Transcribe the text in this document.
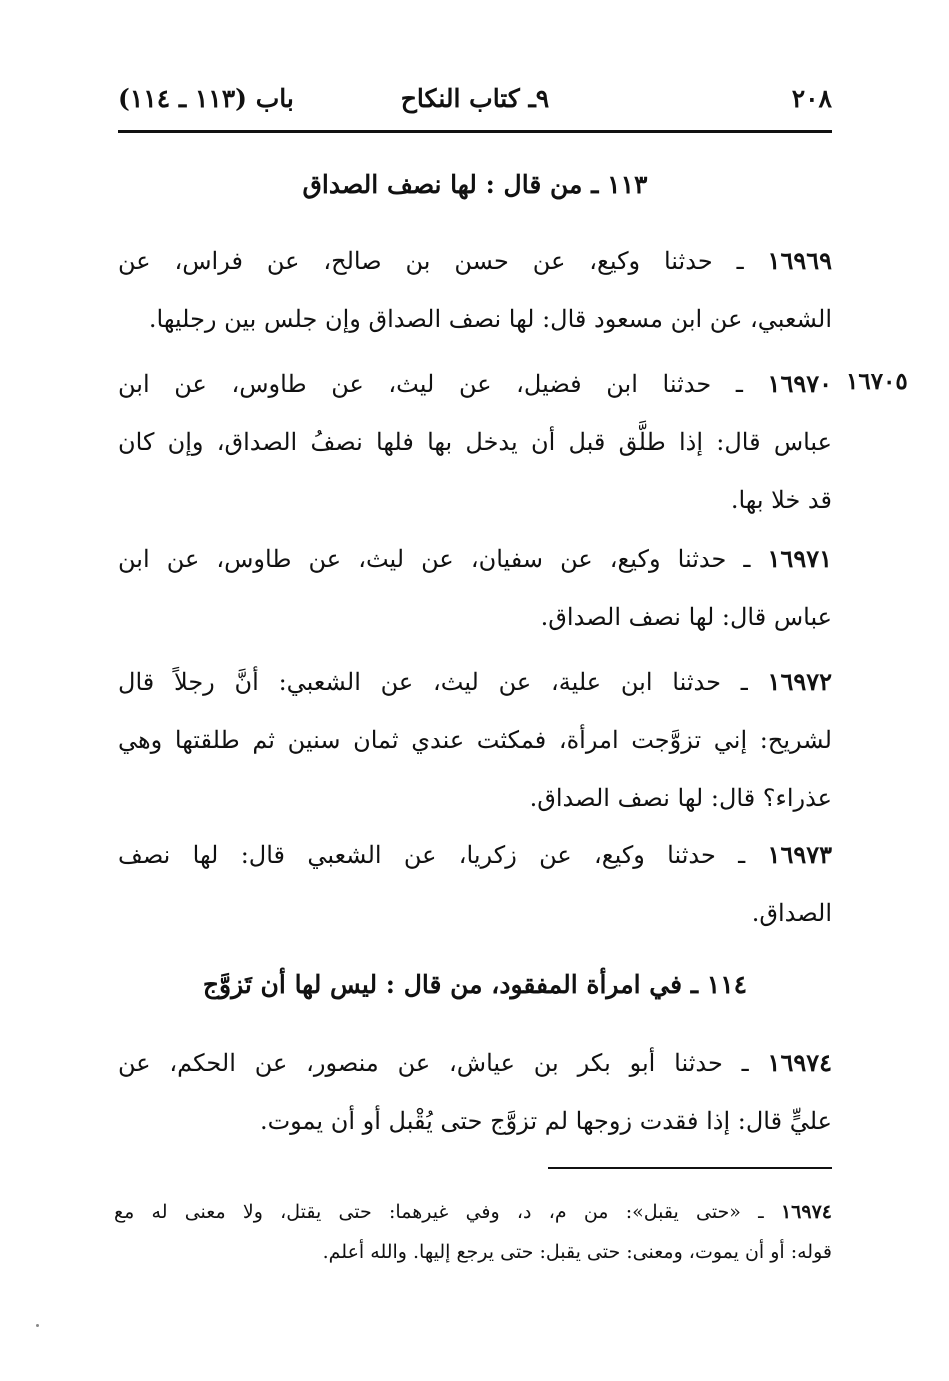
٢٠٨
٩ـ كتاب النكاح
باب (١١٣ ـ ١١٤)
١١٣ ـ من قال : لها نصف الصداق
١٦٩٦٩ ـ حدثنا وكيع، عن حسن بن صالح، عن فراس، عن
الشعبي، عن ابن مسعود قال: لها نصف الصداق وإن جلس بين رجليها.
١٦٧٠٥
١٦٩٧٠ ـ حدثنا ابن فضيل، عن ليث، عن طاوس، عن ابن
عباس قال: إذا طلَّق قبل أن يدخل بها فلها نصفُ الصداق، وإن كان
قد خلا بها.
١٦٩٧١ ـ حدثنا وكيع، عن سفيان، عن ليث، عن طاوس، عن ابن
عباس قال: لها نصف الصداق.
١٦٩٧٢ ـ حدثنا ابن علية، عن ليث، عن الشعبي: أنَّ رجلاً قال
لشريح: إني تزوَّجت امرأة، فمكثت عندي ثمان سنين ثم طلقتها وهي
عذراء؟ قال: لها نصف الصداق.
١٦٩٧٣ ـ حدثنا وكيع، عن زكريا، عن الشعبي قال: لها نصف
الصداق.
١١٤ ـ في امرأة المفقود، من قال : ليس لها أن تَزوَّج
١٦٩٧٤ ـ حدثنا أبو بكر بن عياش، عن منصور، عن الحكم، عن
عليٍّ قال: إذا فقدت زوجها لم تزوَّج حتى يُقْبل أو أن يموت.
١٦٩٧٤ ـ «حتى يقبل»: من م، د، وفي غيرهما: حتى يقتل، ولا معنى له مع
قوله: أو أن يموت، ومعنى: حتى يقبل: حتى يرجع إليها. والله أعلم.
